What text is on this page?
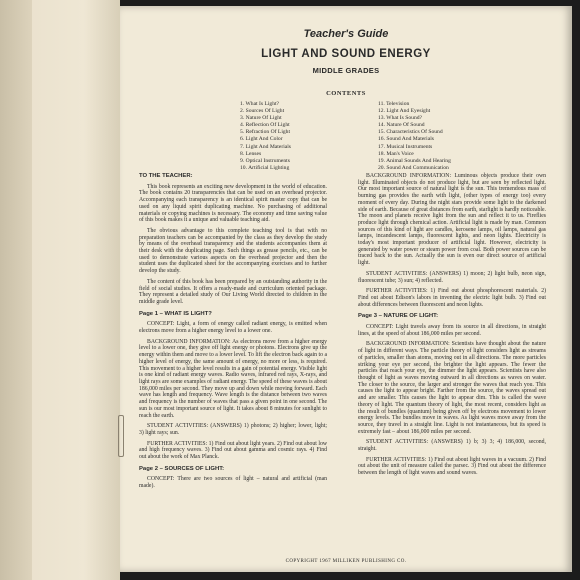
Teacher's Guide
LIGHT AND SOUND ENERGY
MIDDLE GRADES
CONTENTS
1. What Is Light?
2. Sources Of Light
3. Nature Of Light
4. Reflection Of Light
5. Refraction Of Light
6. Light And Color
7. Light And Materials
8. Lenses
9. Optical Instruments
10. Artificial Lighting
11. Television
12. Light And Eyesight
13. What Is Sound?
14. Nature Of Sound
15. Characteristics Of Sound
16. Sound And Materials
17. Musical Instruments
18. Man's Voice
19. Animal Sounds And Hearing
20. Sound And Communication

TO THE TEACHER:

This book represents an exciting new development in the world of education. The book contains 20 transparencies that can be used on an overhead projector. Accompanying each transparency is an identical spirit master copy that can be used on any liquid spirit duplicating machine. No purchasing of additional materials or copying machines is necessary. The economy and time saving value of this book makes it a unique and valuable teaching aid.

The obvious advantage to this complete teaching tool is that with no preparation teachers can be accompanied by the class as they develop the study by means of the overhead transparency and the students accompanies them at their desk with the duplicating page. Such things as grease pencils, etc., can be used to demonstrate various aspects on the overhead projector and then the student uses the duplicated sheet for the accompanying exercises and to further develop the study.

The content of this book has been prepared by an outstanding authority in the field of social studies. It offers a ready-made and curriculum oriented package. They represent a detailed study of Our Living World directed to children in the middle grade level.

Page 1 – WHAT IS LIGHT?

CONCEPT: Light, a form of energy called radiant energy, is emitted when electrons move from a higher energy level to a lower one.

BACKGROUND INFORMATION: As electrons move from a higher energy level to a lower one, they give off light energy or photons. Electrons give up the energy within them and move to a lower level. To lift the electron back again to a higher level of energy, the same amount of energy, no more or less, is required. This movement to a higher level results in a gain of potential energy. Visible light is one kind of radiant energy waves. Radio waves, infrared red rays, X-rays, and light rays are some examples of radiant energy. The speed of these waves is about 186,000 miles per second. They move up and down while moving forward. Each wave has length and frequency. Wave length is the distance between two waves and frequency is the number of waves that pass a given point in one second. The sun is our most important source of light. It takes about 8 minutes for sunlight to reach the earth.

STUDENT ACTIVITIES: (ANSWERS) 1) photons; 2) higher; lower, light; 3) light rays; sun.

FURTHER ACTIVITIES: 1) Find out about light years. 2) Find out about low and high frequency waves. 3) Find out about gamma and cosmic rays. 4) Find out about the work of Max Planck.

Page 2 – SOURCES OF LIGHT:

CONCEPT: There are two sources of light – natural and artificial (man made).

BACKGROUND INFORMATION: Luminous objects produce their own light. Illuminated objects do not produce light, but are seen by reflected light. Our most important source of natural light is the sun. This tremendous mass of burning gas provides the earth with light, (other types of energy too) every moment of every day. During the night stars provide some light to the darkened side of earth. Because of great distances from earth, starlight is hardly noticeable. The moon and planets receive light from the sun and reflect it to us. Fireflies produce light through chemical action. Artificial light is made by man. Common sources of this kind of light are candles, kerosene lamps, oil lamps, natural gas lamps, incandescent lamps, fluorescent lights, and neon lights. Electricity is today's most important producer of artificial light. However, electricity is generated by water power or steam power from coal. Both power sources can be traced back to the sun. Actually the sun is even our direct source of artificial light.

STUDENT ACTIVITIES: (ANSWERS) 1) moon; 2) light bulb, neon sign, fluorescent tube; 3) sun; 4) reflected.

FURTHER ACTIVITIES: 1) Find out about phosphorescent materials. 2) Find out about Edison's labors in inventing the electric light bulb. 3) Find out about differences between fluorescent and neon lights.

Page 3 – NATURE OF LIGHT:

CONCEPT: Light travels away from its source in all directions, in straight lines, at the speed of about 186,000 miles per second.

BACKGROUND INFORMATION: Scientists have thought about the nature of light in different ways. The particle theory of light considers light as streams of particles, smaller than atoms, moving out in all directions. The more particles striking your eye per second, the brighter the light appears. The fewer the particles that reach your eye, the dimmer the light appears. Scientists have also thought of light as waves moving outward in all directions as waves on water. The closer to the source, the larger and stronger the waves that reach you. This causes the light to appear bright. Farther from the source, the waves spread out and are smaller. This causes the light to appear dim. This is called the wave theory of light. The quantum theory of light, the most recent, considers light as the result of bundles (quantum) being given off by electrons movement to lower energy levels. The bundles move in waves. As light waves move away from the source, they travel in a straight line. Light is not instantaneous, but its speed is extremely fast – about 186,000 miles per second.

STUDENT ACTIVITIES: (ANSWERS) 1) b; 3) 3; 4) 186,000, second, straight.

FURTHER ACTIVITIES: 1) Find out about light waves in a vacuum. 2) Find out about the unit of measure called the parsec. 3) Find out about the difference between the length of light waves and sound waves.

COPYRIGHT 1967 MILLIKEN PUBLISHING CO.
